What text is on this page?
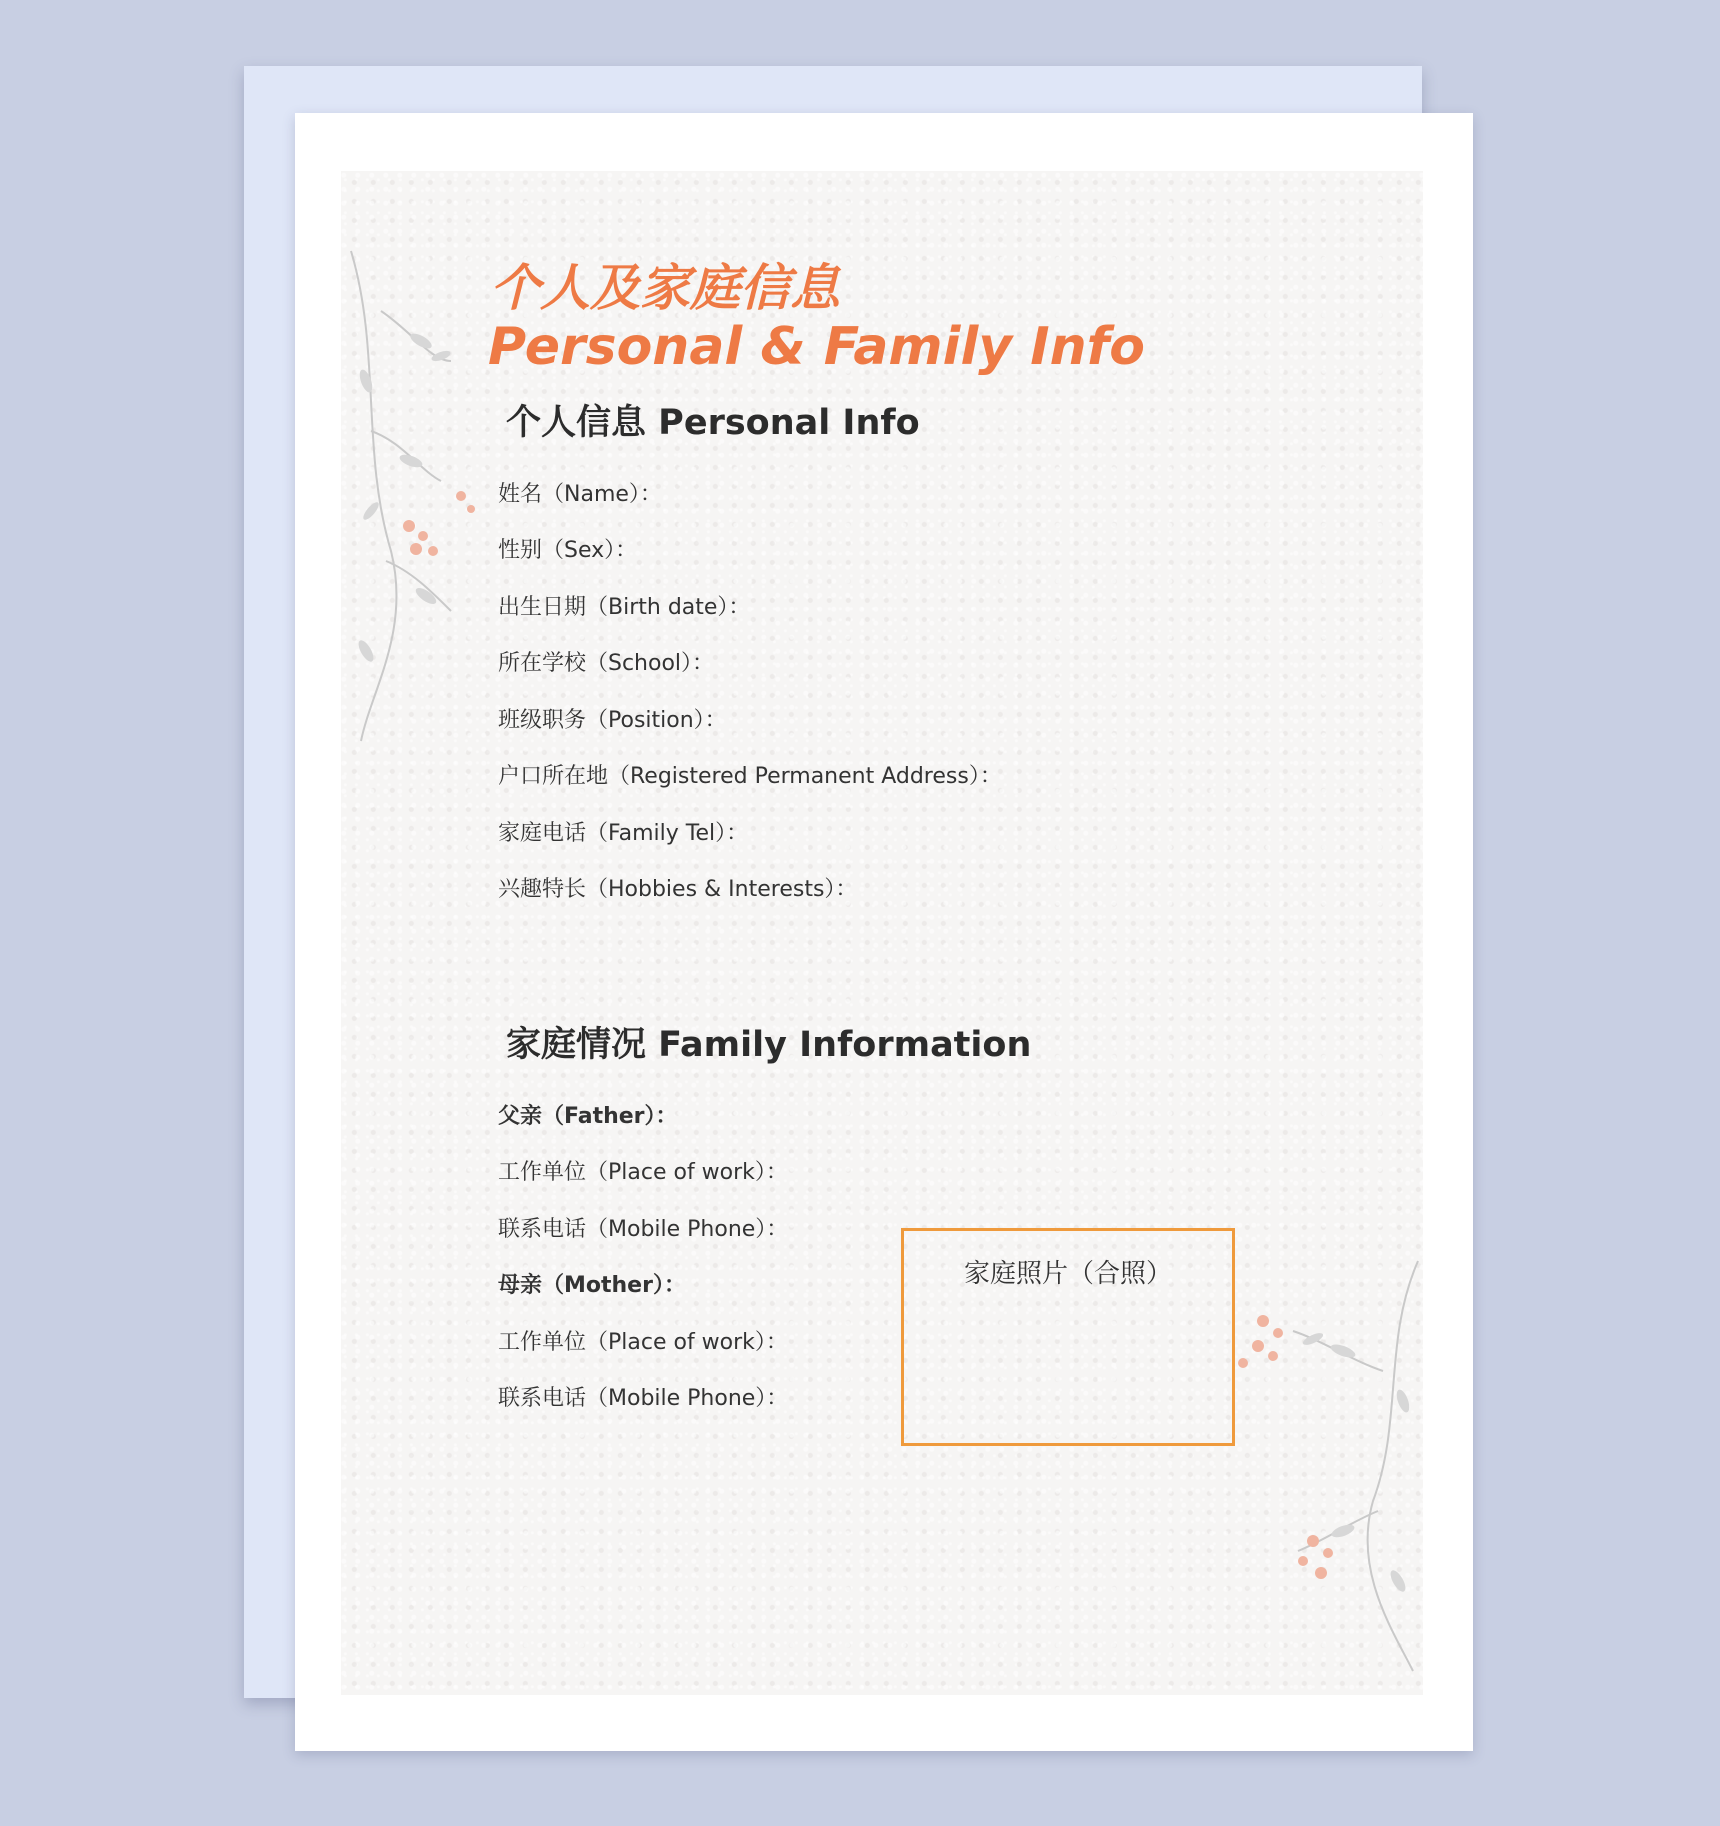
个人及家庭信息
Personal & Family Info
个人信息 Personal Info
姓名（Name）：
性别（Sex）：
出生日期（Birth date）：
所在学校（School）：
班级职务（Position）：
户口所在地（Registered Permanent Address）：
家庭电话（Family Tel）：
兴趣特长（Hobbies & Interests）：
家庭情况 Family Information
父亲（Father）：
工作单位（Place of work）：
联系电话（Mobile Phone）：
母亲（Mother）：
工作单位（Place of work）：
联系电话（Mobile Phone）：
家庭照片（合照）
